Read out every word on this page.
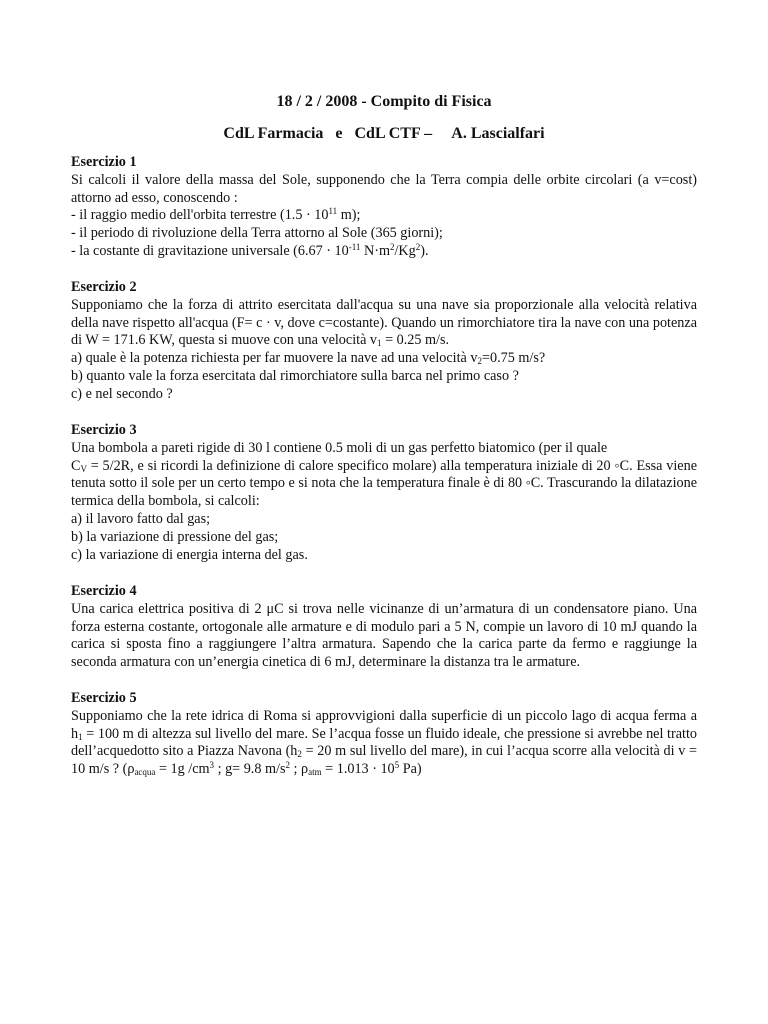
18 / 2 / 2008 - Compito di Fisica
CdL Farmacia   e   CdL CTF –     A. Lascialfari
Esercizio 1
Si calcoli il valore della massa del Sole, supponendo che la Terra compia delle orbite circolari (a v=cost) attorno ad esso, conoscendo :
- il raggio medio dell'orbita terrestre ($1.5 \cdot 10^{11}$ m);
- il periodo di rivoluzione della Terra attorno al Sole (365 giorni);
- la costante di gravitazione universale ($6.67 \cdot 10^{-11}$ $N\cdot m^2/Kg^2$).
Esercizio 2
Supponiamo che la forza di attrito esercitata dall'acqua su una nave sia proporzionale alla velocità relativa della nave rispetto all'acqua (F= c · v, dove c=costante). Quando un rimorchiatore tira la nave con una potenza di W = 171.6 KW, questa si muove con una velocità $v_1 = 0.25$ m/s.
a) quale è la potenza richiesta per far muovere la nave ad una velocità $v_2=0.75$ m/s?
b) quanto vale la forza esercitata dal rimorchiatore sulla barca nel primo caso ?
c) e nel secondo ?
Esercizio 3
Una bombola a pareti rigide di 30 l contiene 0.5 moli di un gas perfetto biatomico (per il quale
$C_V = 5/2R$, e si ricordi la definizione di calore specifico molare) alla temperatura iniziale di 20 ◦C. Essa viene tenuta sotto il sole per un certo tempo e si nota che la temperatura finale è di 80 ◦C. Trascurando la dilatazione termica della bombola, si calcoli:
a) il lavoro fatto dal gas;
b) la variazione di pressione del gas;
c) la variazione di energia interna del gas.
Esercizio 4
Una carica elettrica positiva di 2 μC si trova nelle vicinanze di un’armatura di un condensatore piano. Una forza esterna costante, ortogonale alle armature e di modulo pari a 5 N, compie un lavoro di 10 mJ quando la carica si sposta fino a raggiungere l’altra armatura. Sapendo che la carica parte da fermo e raggiunge la seconda armatura con un’energia cinetica di 6 mJ, determinare la distanza tra le armature.
Esercizio 5
Supponiamo che la rete idrica di Roma si approvvigioni dalla superficie di un piccolo lago di acqua ferma a $h_1 = 100$ m di altezza sul livello del mare. Se l’acqua fosse un fluido ideale, che pressione si avrebbe nel tratto dell’acquedotto sito a Piazza Navona ($h_2 = 20$ m sul livello del mare), in cui l’acqua scorre alla velocità di v = 10 m/s ? ($\rho_{acqua} = 1g$ $/cm^3$ ; g= 9.8 $m/s^2$ ; $\rho_{atm} = 1.013 \cdot 10^5$ Pa)
